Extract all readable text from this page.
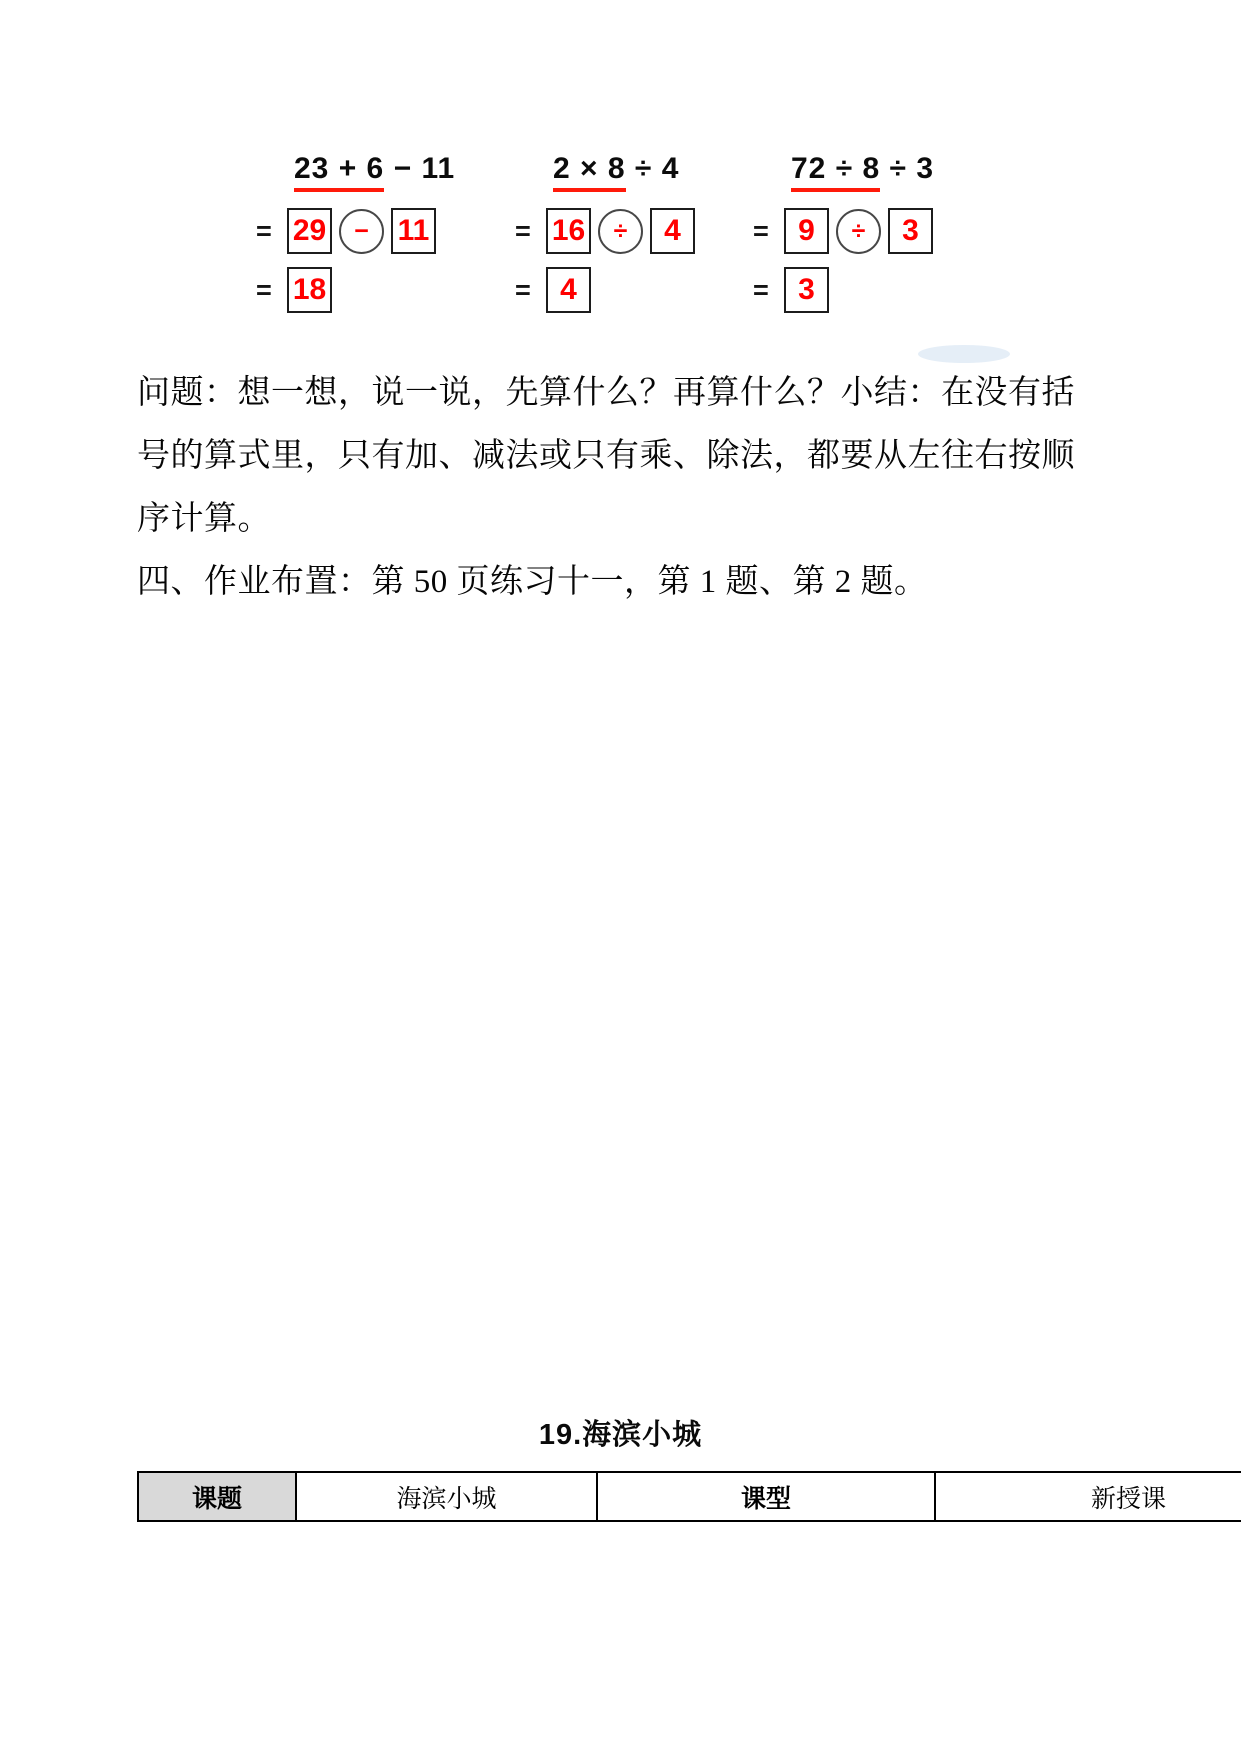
23 + 6 − 11
= 29	− 11
= 18
2 × 8 ÷ 4
= 16	÷	4
= 4
72 ÷ 8 ÷ 3
= 9	÷	3
= 3
问题：想一想，说一说，先算什么？再算什么？小结：在没有括
号的算式里，只有加、减法或只有乘、除法，都要从左往右按顺
序计算。
四、作业布置：第 50 页练习十一，第 1 题、第 2 题。
19.海滨小城
课题	海滨小城	课型	新授课
